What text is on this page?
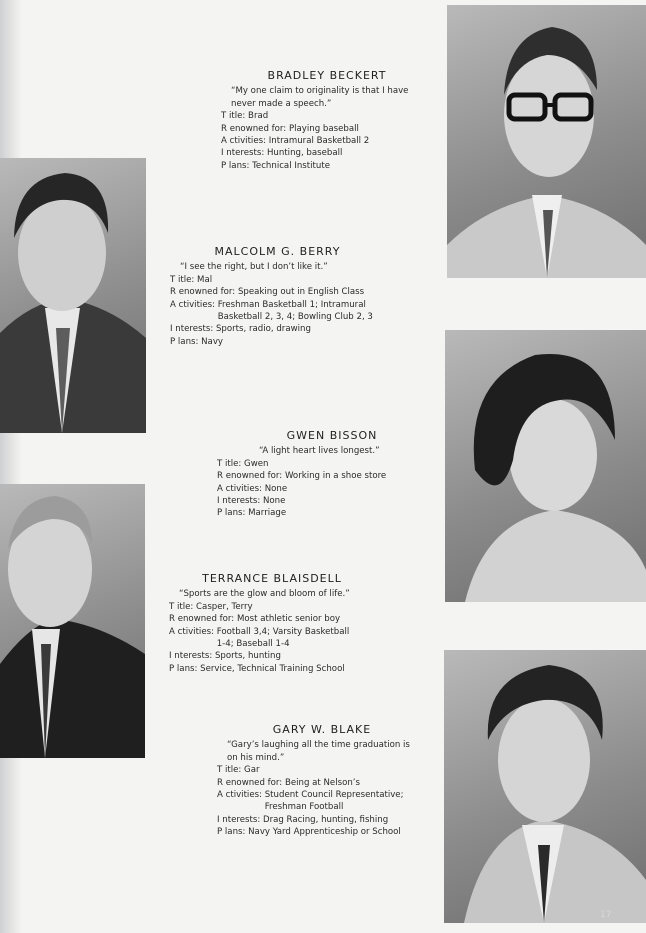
BRADLEY BECKERT
“My one claim to originality is that I have
never made a speech.”
T itle: Brad
R enowned for: Playing baseball
A ctivities: Intramural Basketball 2
I nterests: Hunting, baseball
P lans: Technical Institute
MALCOLM G. BERRY
“I see the right, but I don’t like it.”
T itle: Mal
R enowned for: Speaking out in English Class
A ctivities: Freshman Basketball 1; Intramural
Basketball 2, 3, 4; Bowling Club 2, 3
I nterests: Sports, radio, drawing
P lans: Navy
GWEN BISSON
“A light heart lives longest.”
T itle: Gwen
R enowned for: Working in a shoe store
A ctivities: None
I nterests: None
P lans: Marriage
TERRANCE BLAISDELL
“Sports are the glow and bloom of life.”
T itle: Casper, Terry
R enowned for: Most athletic senior boy
A ctivities: Football 3,4; Varsity Basketball
1-4; Baseball 1-4
I nterests: Sports, hunting
P lans: Service, Technical Training School
GARY W. BLAKE
“Gary’s laughing all the time graduation is
on his mind.”
T itle: Gar
R enowned for: Being at Nelson’s
A ctivities: Student Council Representative;
Freshman Football
I nterests: Drag Racing, hunting, fishing
P lans: Navy Yard Apprenticeship or School
17
